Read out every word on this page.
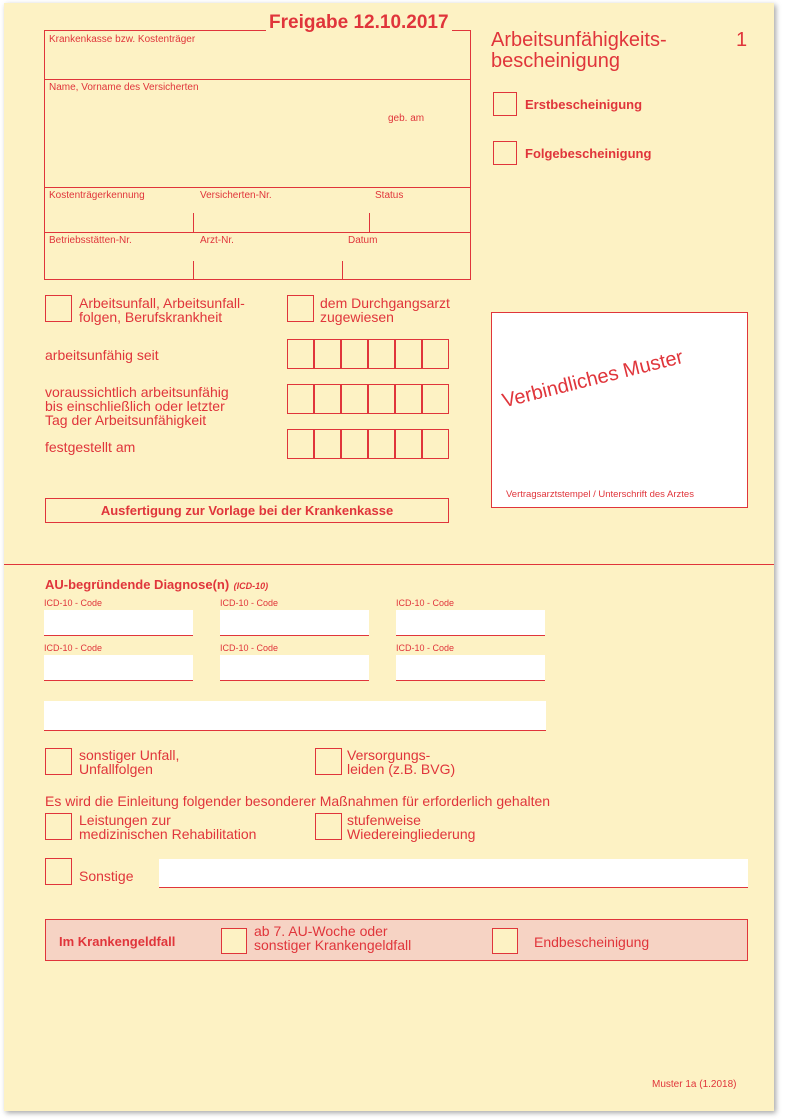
Krankenkasse bzw. Kostenträger
Name, Vorname des Versicherten
geb. am
Kostenträgerkennung	Versicherten-Nr.	Status
Betriebsstätten-Nr.	Arzt-Nr.	Datum
Freigabe 12.10.2017
Arbeitsunfähigkeits-
bescheinigung
1
Erstbescheinigung
Folgebescheinigung
Arbeitsunfall, Arbeitsunfall-
folgen, Berufskrankheit
dem Durchgangsarzt
zugewiesen
arbeitsunfähig seit
voraussichtlich arbeitsunfähig
bis einschließlich oder letzter
Tag der Arbeitsunfähigkeit
festgestellt am
Verbindliches Muster
Vertragsarztstempel / Unterschrift des Arztes
Ausfertigung zur Vorlage bei der Krankenkasse
AU-begründende Diagnose(n) (ICD-10)
ICD-10 - Code	ICD-10 - Code	ICD-10 - Code
ICD-10 - Code	ICD-10 - Code	ICD-10 - Code
sonstiger Unfall,
Unfallfolgen
Versorgungs-
leiden (z.B. BVG)
Es wird die Einleitung folgender besonderer Maßnahmen für erforderlich gehalten
Leistungen zur
medizinischen Rehabilitation
stufenweise
Wiedereingliederung
Sonstige
Im Krankengeldfall
ab 7. AU-Woche oder
sonstiger Krankengeldfall	Endbescheinigung
Muster 1a (1.2018)
